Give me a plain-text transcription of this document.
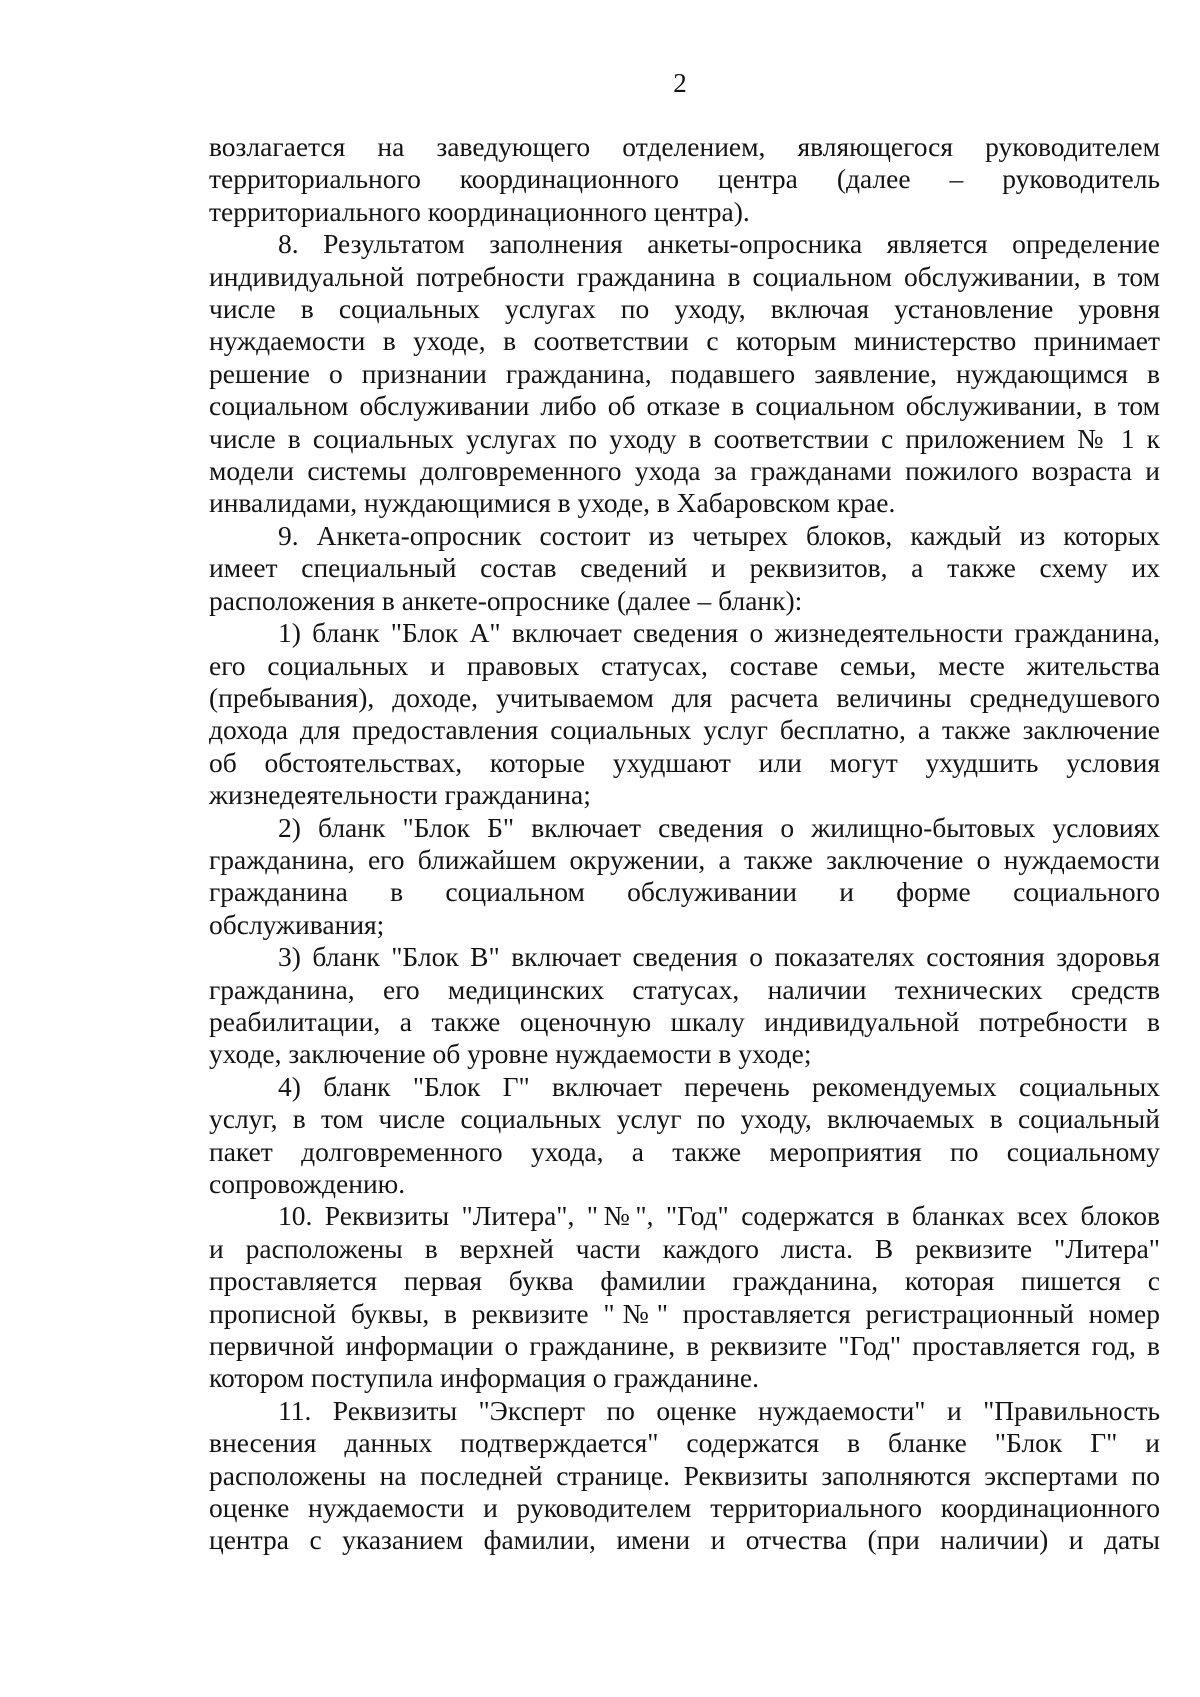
2

возлагается на заведующего отделением, являющегося руководителем
территориального координационного центра (далее – руководитель
территориального координационного центра).

8. Результатом заполнения анкеты-опросника является определение
индивидуальной потребности гражданина в социальном обслуживании, в том
числе в социальных услугах по уходу, включая установление уровня
нуждаемости в уходе, в соответствии с которым министерство принимает
решение о признании гражданина, подавшего заявление, нуждающимся в
социальном обслуживании либо об отказе в социальном обслуживании, в том
числе в социальных услугах по уходу в соответствии с приложением № 1 к
модели системы долговременного ухода за гражданами пожилого возраста и
инвалидами, нуждающимися в уходе, в Хабаровском крае.

9. Анкета-опросник состоит из четырех блоков, каждый из которых
имеет специальный состав сведений и реквизитов, а также схему их
расположения в анкете-опроснике (далее – бланк):

1) бланк "Блок А" включает сведения о жизнедеятельности гражданина,
его социальных и правовых статусах, составе семьи, месте жительства
(пребывания), доходе, учитываемом для расчета величины среднедушевого
дохода для предоставления социальных услуг бесплатно, а также заключение
об обстоятельствах, которые ухудшают или могут ухудшить условия
жизнедеятельности гражданина;

2) бланк "Блок Б" включает сведения о жилищно-бытовых условиях
гражданина, его ближайшем окружении, а также заключение о нуждаемости
гражданина в социальном обслуживании и форме социального
обслуживания;

3) бланк "Блок В" включает сведения о показателях состояния здоровья
гражданина, его медицинских статусах, наличии технических средств
реабилитации, а также оценочную шкалу индивидуальной потребности в
уходе, заключение об уровне нуждаемости в уходе;

4) бланк "Блок Г" включает перечень рекомендуемых социальных
услуг, в том числе социальных услуг по уходу, включаемых в социальный
пакет долговременного ухода, а также мероприятия по социальному
сопровождению.

10. Реквизиты "Литера", "№", "Год" содержатся в бланках всех блоков
и расположены в верхней части каждого листа. В реквизите "Литера"
проставляется первая буква фамилии гражданина, которая пишется с
прописной буквы, в реквизите "№" проставляется регистрационный номер
первичной информации о гражданине, в реквизите "Год" проставляется год, в
котором поступила информация о гражданине.

11. Реквизиты "Эксперт по оценке нуждаемости" и "Правильность
внесения данных подтверждается" содержатся в бланке "Блок Г" и
расположены на последней странице. Реквизиты заполняются экспертами по
оценке нуждаемости и руководителем территориального координационного
центра с указанием фамилии, имени и отчества (при наличии) и даты
